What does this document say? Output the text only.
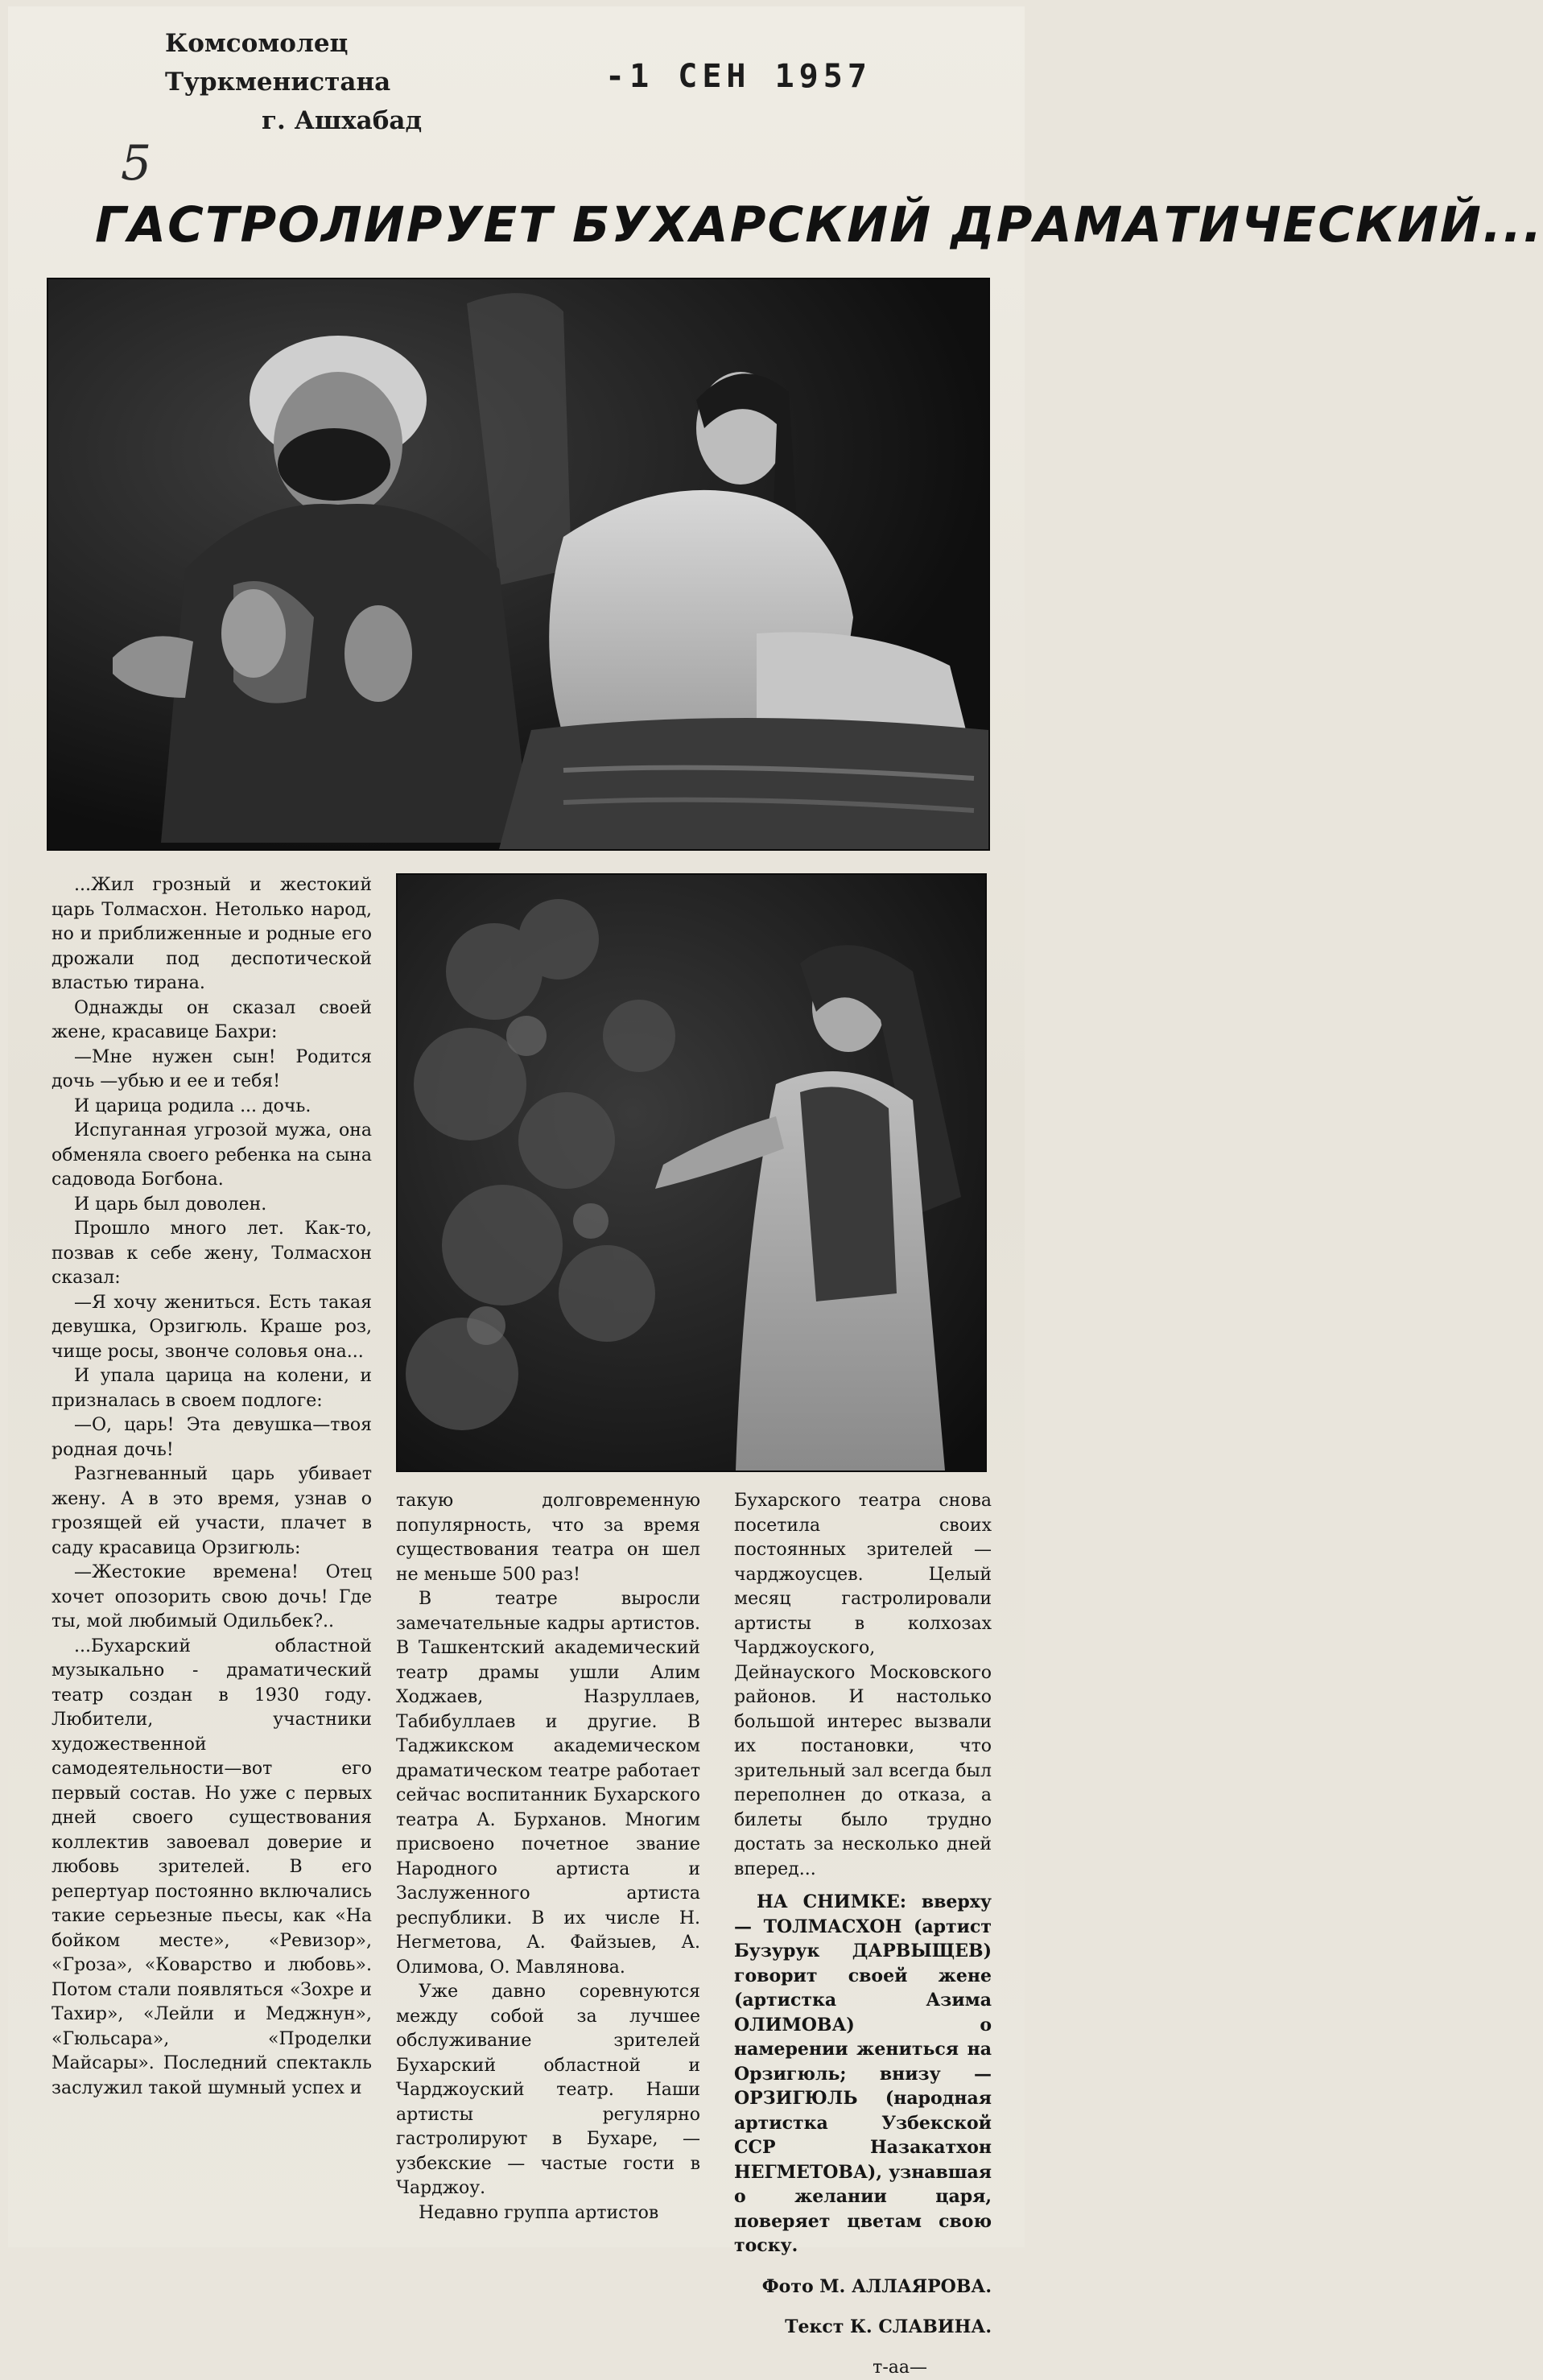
Комсомолец Туркменистана
г. Ашхабад
-1 СЕН 1957
5
ГАСТРОЛИРУЕТ БУХАРСКИЙ ДРАМАТИЧЕСКИЙ...

...Жил грозный и жестокий царь Толмасхон. Нетолько народ, но и приближенные и родные его дрожали под деспотической властью тирана.

Однажды он сказал своей жене, красавице Бахри:

—Мне нужен сын! Родится дочь —убью и ее и тебя!

И царица родила ... дочь.

Испуганная угрозой мужа, она обменяла своего ребенка на сына садовода Богбона.

И царь был доволен.

Прошло много лет. Как-то, позвав к себе жену, Толмасхон сказал:

—Я хочу жениться. Есть такая девушка, Орзигюль. Краше роз, чище росы, звонче соловья она...

И упала царица на колени, и призналась в своем подлоге:

—О, царь! Эта девушка—твоя родная дочь!

Разгневанный царь убивает жену. А в это время, узнав о грозящей ей участи, плачет в саду красавица Орзигюль:

—Жестокие времена! Отец хочет опозорить свою дочь! Где ты, мой любимый Одильбек?..

...Бухарский областной музыкально - драматический театр создан в 1930 году. Любители, участники художественной самодеятельности—вот его первый состав. Но уже с первых дней своего существования коллектив завоевал доверие и любовь зрителей. В его репертуар постоянно включались такие серьезные пьесы, как «На бойком месте», «Ревизор», «Гроза», «Коварство и любовь». Потом стали появляться «Зохре и Тахир», «Лейли и Меджнун», «Гюльсара», «Проделки Майсары». Последний спектакль заслужил такой шумный успех и

такую долговременную популярность, что за время существования театра он шел не меньше 500 раз!

В театре выросли замечательные кадры артистов. В Ташкентский академический театр драмы ушли Алим Ходжаев, Назруллаев, Табибуллаев и другие. В Таджикском академическом драматическом театре работает сейчас воспитанник Бухарского театра А. Бурханов. Многим присвоено почетное звание Народного артиста и Заслуженного артиста республики. В их числе Н. Негметова, А. Файзыев, А. Олимова, О. Мавлянова.

Уже давно соревнуются между собой за лучшее обслуживание зрителей Бухарский областной и Чарджоуский театр. Наши артисты регулярно гастролируют в Бухаре, — узбекские — частые гости в Чарджоу.

Недавно группа артистов

Бухарского театра снова посетила своих постоянных зрителей — чарджоусцев. Целый месяц гастролировали артисты в колхозах Чарджоуского, Дейнауского Московского районов. И настолько большой интерес вызвали их постановки, что зрительный зал всегда был переполнен до отказа, а билеты было трудно достать за несколько дней вперед...

НА СНИМКЕ: вверху — ТОЛМАСХОН (артист Бузурук ДАРВЫЩЕВ) говорит своей жене (артистка Азима ОЛИМОВА) о намерении жениться на Орзигюль; внизу —ОРЗИГЮЛЬ (народная артистка Узбекской ССР Назакатхон НЕГМЕТОВА), узнавшая о желании царя, поверяет цветам свою тоску.

Фото М. АЛЛАЯРОВА.

Текст К. СЛАВИНА.

т-аа—
